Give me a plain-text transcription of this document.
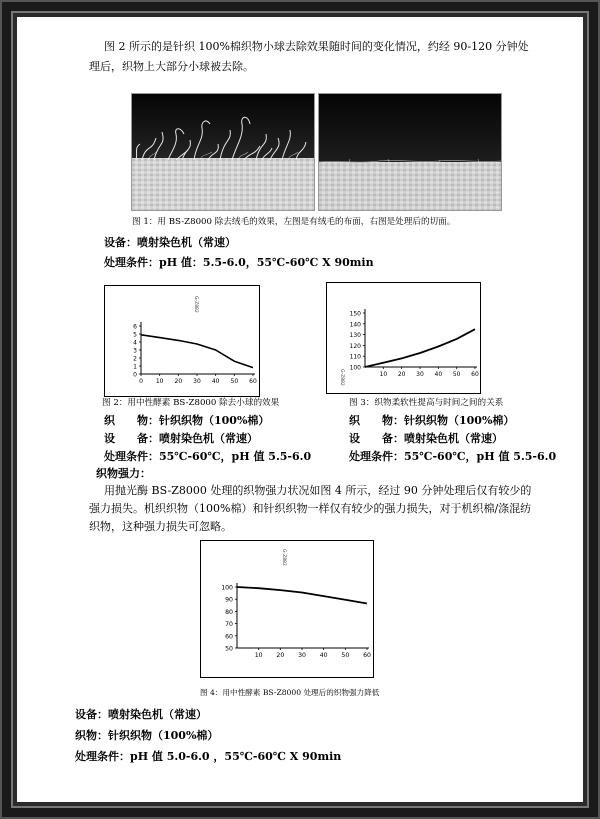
图 2 所示的是针织 100%棉织物小球去除效果随时间的变化情况，约经 90-120 分钟处
理后，织物上大部分小球被去除。
图 1：用 BS-Z8000 除去绒毛的效果，左图是有绒毛的布面，右图是处理后的切面。
设备：喷射染色机（常速）
处理条件：pH 值：5.5-6.0，55℃-60℃ X 90min
0
1
2
3
4
5
6
0 10 20 30 40 50 60
G-Z882
图 2：用中性酵素 BS-Z8000 除去小球的效果
100
110
120
130
140
150
10 20 30 40 50 60
G-Z882
图 3：织物柔软性提高与时间之间的关系
织　　物：针织织物（100%棉）
设　　备：喷射染色机（常速）
处理条件：55℃-60℃，pH 值 5.5-6.0
织　　物：针织织物（100%棉）
设　　备：喷射染色机（常速）
处理条件：55℃-60℃，pH 值 5.5-6.0
织物强力：
用抛光酶 BS-Z8000 处理的织物强力状况如图 4 所示，经过 90 分钟处理后仅有较少的
强力损失。机织织物（100%棉）和针织织物一样仅有较少的强力损失，对于机织棉/涤混纺
织物，这种强力损失可忽略。
50
60
70
80
90
100
10 20 30 40 50 60
G-Z882
图 4：用中性酵素 BS-Z8000 处理后的织物强力降低
设备：喷射染色机（常速）
织物：针织织物（100%棉）
处理条件：pH 值 5.0-6.0 ，55℃-60℃ X 90min
